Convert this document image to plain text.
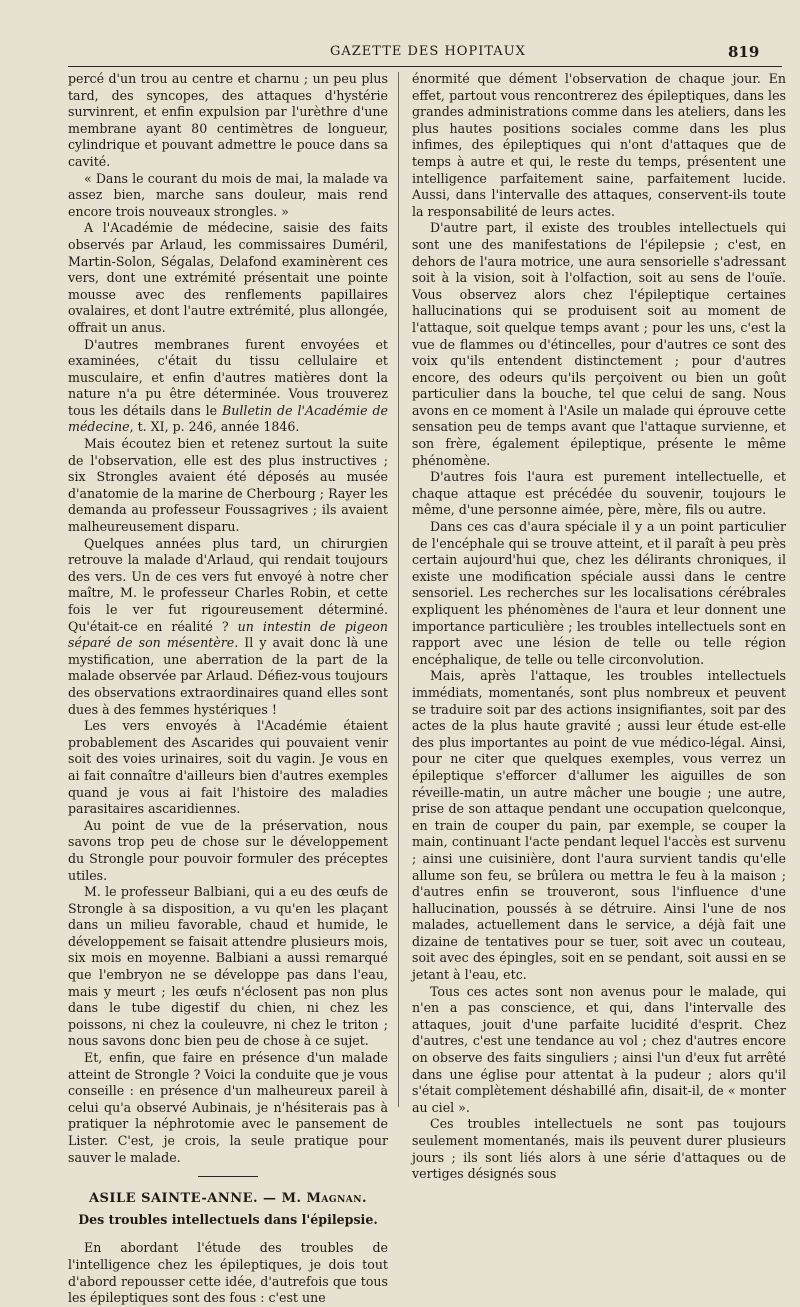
GAZETTE DES HOPITAUX	819

percé d'un trou au centre et charnu ; un peu plus tard, des syncopes, des attaques d'hystérie survinrent, et enfin expulsion par l'urèthre d'une membrane ayant 80 centimètres de longueur, cylindrique et pouvant admettre le pouce dans sa cavité.

« Dans le courant du mois de mai, la malade va assez bien, marche sans douleur, mais rend encore trois nouveaux strongles. »

A l'Académie de médecine, saisie des faits observés par Arlaud, les commissaires Duméril, Martin-Solon, Ségalas, Delafond examinèrent ces vers, dont une extrémité présentait une pointe mousse avec des renflements papillaires ovalaires, et dont l'autre extrémité, plus allongée, offrait un anus.

D'autres membranes furent envoyées et examinées, c'était du tissu cellulaire et musculaire, et enfin d'autres matières dont la nature n'a pu être déterminée. Vous trouverez tous les détails dans le Bulletin de l'Académie de médecine, t. XI, p. 246, année 1846.

Mais écoutez bien et retenez surtout la suite de l'observation, elle est des plus instructives ; six Strongles avaient été déposés au musée d'anatomie de la marine de Cherbourg ; Rayer les demanda au professeur Foussagrives ; ils avaient malheureusement disparu.

Quelques années plus tard, un chirurgien retrouve la malade d'Arlaud, qui rendait toujours des vers. Un de ces vers fut envoyé à notre cher maître, M. le professeur Charles Robin, et cette fois le ver fut rigoureusement déterminé. Qu'était-ce en réalité ? un intestin de pigeon séparé de son mésentère. Il y avait donc là une mystification, une aberration de la part de la malade observée par Arlaud. Défiez-vous toujours des observations extraordinaires quand elles sont dues à des femmes hystériques !

Les vers envoyés à l'Académie étaient probablement des Ascarides qui pouvaient venir soit des voies urinaires, soit du vagin. Je vous en ai fait connaître d'ailleurs bien d'autres exemples quand je vous ai fait l'histoire des maladies parasitaires ascaridiennes.

Au point de vue de la préservation, nous savons trop peu de chose sur le développement du Strongle pour pouvoir formuler des préceptes utiles.

M. le professeur Balbiani, qui a eu des œufs de Strongle à sa disposition, a vu qu'en les plaçant dans un milieu favorable, chaud et humide, le développement se faisait attendre plusieurs mois, six mois en moyenne. Balbiani a aussi remarqué que l'embryon ne se développe pas dans l'eau, mais y meurt ; les œufs n'éclosent pas non plus dans le tube digestif du chien, ni chez les poissons, ni chez la couleuvre, ni chez le triton ; nous savons donc bien peu de chose à ce sujet.

Et, enfin, que faire en présence d'un malade atteint de Strongle ? Voici la conduite que je vous conseille : en présence d'un malheureux pareil à celui qu'a observé Aubinais, je n'hésiterais pas à pratiquer la néphrotomie avec le pansement de Lister. C'est, je crois, la seule pratique pour sauver le malade.

ASILE SAINTE-ANNE. — M. Magnan.
Des troubles intellectuels dans l'épilepsie.

En abordant l'étude des troubles de l'intelligence chez les épileptiques, je dois tout d'abord repousser cette idée, d'autrefois que tous les épileptiques sont des fous : c'est une

énormité que dément l'observation de chaque jour. En effet, partout vous rencontrerez des épileptiques, dans les grandes administrations comme dans les ateliers, dans les plus hautes positions sociales comme dans les plus infimes, des épileptiques qui n'ont d'attaques que de temps à autre et qui, le reste du temps, présentent une intelligence parfaitement saine, parfaitement lucide. Aussi, dans l'intervalle des attaques, conservent-ils toute la responsabilité de leurs actes.

D'autre part, il existe des troubles intellectuels qui sont une des manifestations de l'épilepsie ; c'est, en dehors de l'aura motrice, une aura sensorielle s'adressant soit à la vision, soit à l'olfaction, soit au sens de l'ouïe. Vous observez alors chez l'épileptique certaines hallucinations qui se produisent soit au moment de l'attaque, soit quelque temps avant ; pour les uns, c'est la vue de flammes ou d'étincelles, pour d'autres ce sont des voix qu'ils entendent distinctement ; pour d'autres encore, des odeurs qu'ils perçoivent ou bien un goût particulier dans la bouche, tel que celui de sang. Nous avons en ce moment à l'Asile un malade qui éprouve cette sensation peu de temps avant que l'attaque survienne, et son frère, également épileptique, présente le même phénomène.

D'autres fois l'aura est purement intellectuelle, et chaque attaque est précédée du souvenir, toujours le même, d'une personne aimée, père, mère, fils ou autre.

Dans ces cas d'aura spéciale il y a un point particulier de l'encéphale qui se trouve atteint, et il paraît à peu près certain aujourd'hui que, chez les délirants chroniques, il existe une modification spéciale aussi dans le centre sensoriel. Les recherches sur les localisations cérébrales expliquent les phénomènes de l'aura et leur donnent une importance particulière ; les troubles intellectuels sont en rapport avec une lésion de telle ou telle région encéphalique, de telle ou telle circonvolution.

Mais, après l'attaque, les troubles intellectuels immédiats, momentanés, sont plus nombreux et peuvent se traduire soit par des actions insignifiantes, soit par des actes de la plus haute gravité ; aussi leur étude est-elle des plus importantes au point de vue médico-légal. Ainsi, pour ne citer que quelques exemples, vous verrez un épileptique s'efforcer d'allumer les aiguilles de son réveille-matin, un autre mâcher une bougie ; une autre, prise de son attaque pendant une occupation quelconque, en train de couper du pain, par exemple, se couper la main, continuant l'acte pendant lequel l'accès est survenu ; ainsi une cuisinière, dont l'aura survient tandis qu'elle allume son feu, se brûlera ou mettra le feu à la maison ; d'autres enfin se trouveront, sous l'influence d'une hallucination, poussés à se détruire. Ainsi l'une de nos malades, actuellement dans le service, a déjà fait une dizaine de tentatives pour se tuer, soit avec un couteau, soit avec des épingles, soit en se pendant, soit aussi en se jetant à l'eau, etc.

Tous ces actes sont non avenus pour le malade, qui n'en a pas conscience, et qui, dans l'intervalle des attaques, jouit d'une parfaite lucidité d'esprit. Chez d'autres, c'est une tendance au vol ; chez d'autres encore on observe des faits singuliers ; ainsi l'un d'eux fut arrêté dans une église pour attentat à la pudeur ; alors qu'il s'était complètement déshabillé afin, disait-il, de « monter au ciel ».

Ces troubles intellectuels ne sont pas toujours seulement momentanés, mais ils peuvent durer plusieurs jours ; ils sont liés alors à une série d'attaques ou de vertiges désignés sous
